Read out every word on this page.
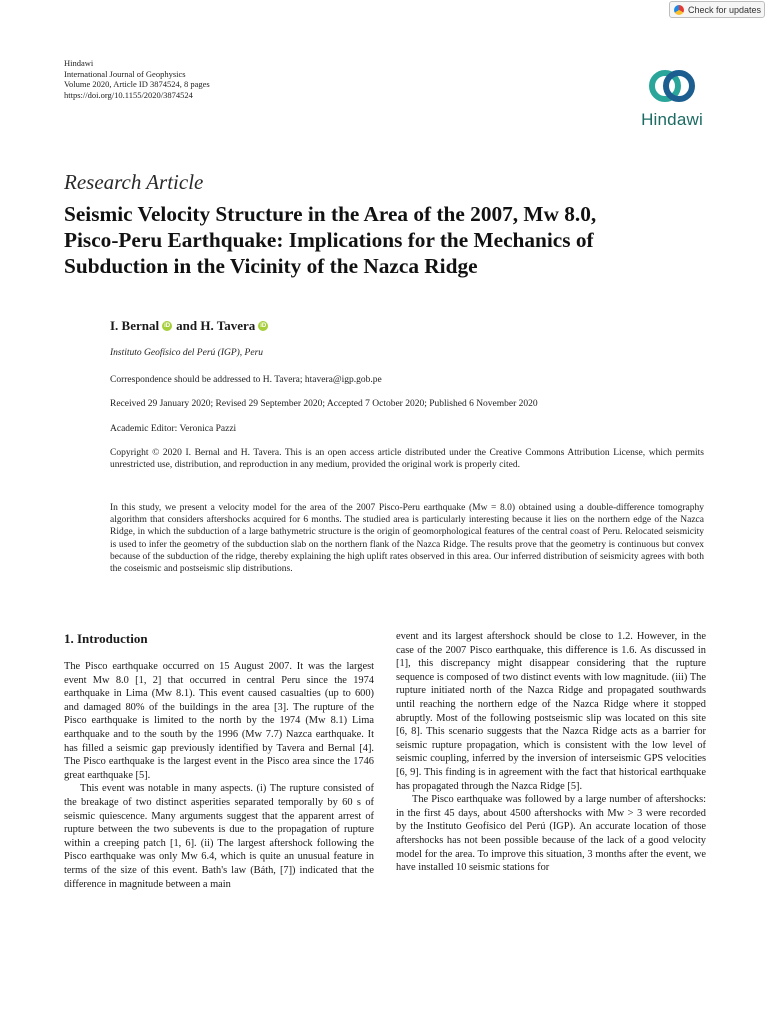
Check for updates
Hindawi
International Journal of Geophysics
Volume 2020, Article ID 3874524, 8 pages
https://doi.org/10.1155/2020/3874524
Hindawi
Research Article
Seismic Velocity Structure in the Area of the 2007, Mw 8.0,
Pisco-Peru Earthquake: Implications for the Mechanics of
Subduction in the Vicinity of the Nazca Ridge
I. Bernal iD and H. Tavera iD
Instituto Geofísico del Perú (IGP), Peru
Correspondence should be addressed to H. Tavera; htavera@igp.gob.pe
Received 29 January 2020; Revised 29 September 2020; Accepted 7 October 2020; Published 6 November 2020
Academic Editor: Veronica Pazzi
Copyright © 2020 I. Bernal and H. Tavera. This is an open access article distributed under the Creative Commons Attribution License, which permits unrestricted use, distribution, and reproduction in any medium, provided the original work is properly cited.
In this study, we present a velocity model for the area of the 2007 Pisco-Peru earthquake (Mw = 8.0) obtained using a double-difference tomography algorithm that considers aftershocks acquired for 6 months. The studied area is particularly interesting because it lies on the northern edge of the Nazca Ridge, in which the subduction of a large bathymetric structure is the origin of geomorphological features of the central coast of Peru. Relocated seismicity is used to infer the geometry of the subduction slab on the northern flank of the Nazca Ridge. The results prove that the geometry is continuous but convex because of the subduction of the ridge, thereby explaining the high uplift rates observed in this area. Our inferred distribution of seismicity agrees with both the coseismic and postseismic slip distributions.
1. Introduction

The Pisco earthquake occurred on 15 August 2007. It was the largest event Mw 8.0 [1, 2] that occurred in central Peru since the 1974 earthquake in Lima (Mw 8.1). This event caused casualties (up to 600) and damaged 80% of the buildings in the area [3]. The rupture of the Pisco earthquake is limited to the north by the 1974 (Mw 8.1) Lima earthquake and to the south by the 1996 (Mw 7.7) Nazca earthquake. It has filled a seismic gap previously identified by Tavera and Bernal [4]. The Pisco earthquake is the largest event in the Pisco area since the 1746 great earthquake [5].

This event was notable in many aspects. (i) The rupture consisted of the breakage of two distinct asperities separated temporally by 60 s of seismic quiescence. Many arguments suggest that the apparent arrest of rupture between the two subevents is due to the propagation of rupture within a creeping patch [1, 6]. (ii) The largest aftershock following the Pisco earthquake was only Mw 6.4, which is quite an unusual feature in terms of the size of this event. Bath's law (Báth, [7]) indicated that the difference in magnitude between a main

event and its largest aftershock should be close to 1.2. However, in the case of the 2007 Pisco earthquake, this difference is 1.6. As discussed in [1], this discrepancy might disappear considering that the rupture sequence is composed of two distinct events with low magnitude. (iii) The rupture initiated north of the Nazca Ridge and propagated southwards until reaching the northern edge of the Nazca Ridge where it stopped abruptly. Most of the following postseismic slip was located on this site [6, 8]. This scenario suggests that the Nazca Ridge acts as a barrier for seismic rupture propagation, which is consistent with the low level of seismic coupling, inferred by the inversion of interseismic GPS velocities [6, 9]. This finding is in agreement with the fact that historical earthquake has propagated through the Nazca Ridge [5].

The Pisco earthquake was followed by a large number of aftershocks: in the first 45 days, about 4500 aftershocks with Mw > 3 were recorded by the Instituto Geofísico del Perú (IGP). An accurate location of those aftershocks has not been possible because of the lack of a good velocity model for the area. To improve this situation, 3 months after the event, we have installed 10 seismic stations for
